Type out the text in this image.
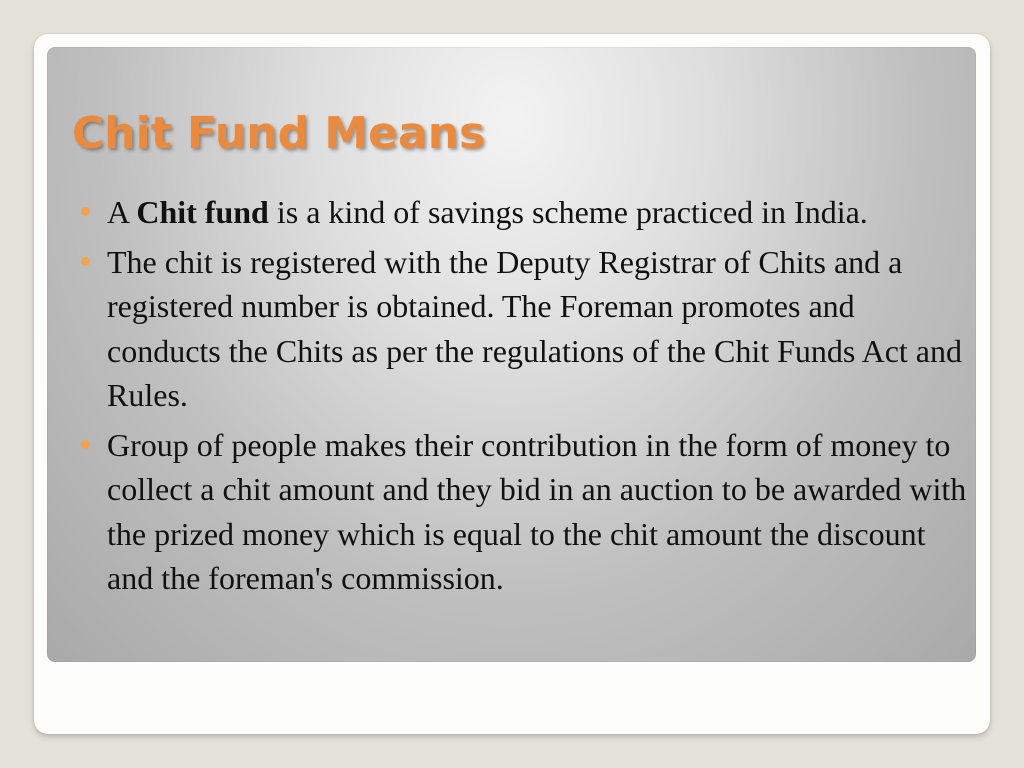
Chit Fund Means
A Chit fund is a kind of savings scheme practiced in India.
The chit is registered with the Deputy Registrar of Chits and a registered number is obtained. The Foreman promotes and conducts the Chits as per the regulations of the Chit Funds Act and Rules.
Group of people makes their contribution in the form of money to collect a chit amount and they bid in an auction to be awarded with the prized money which is equal to the chit amount the discount and the foreman's commission.
